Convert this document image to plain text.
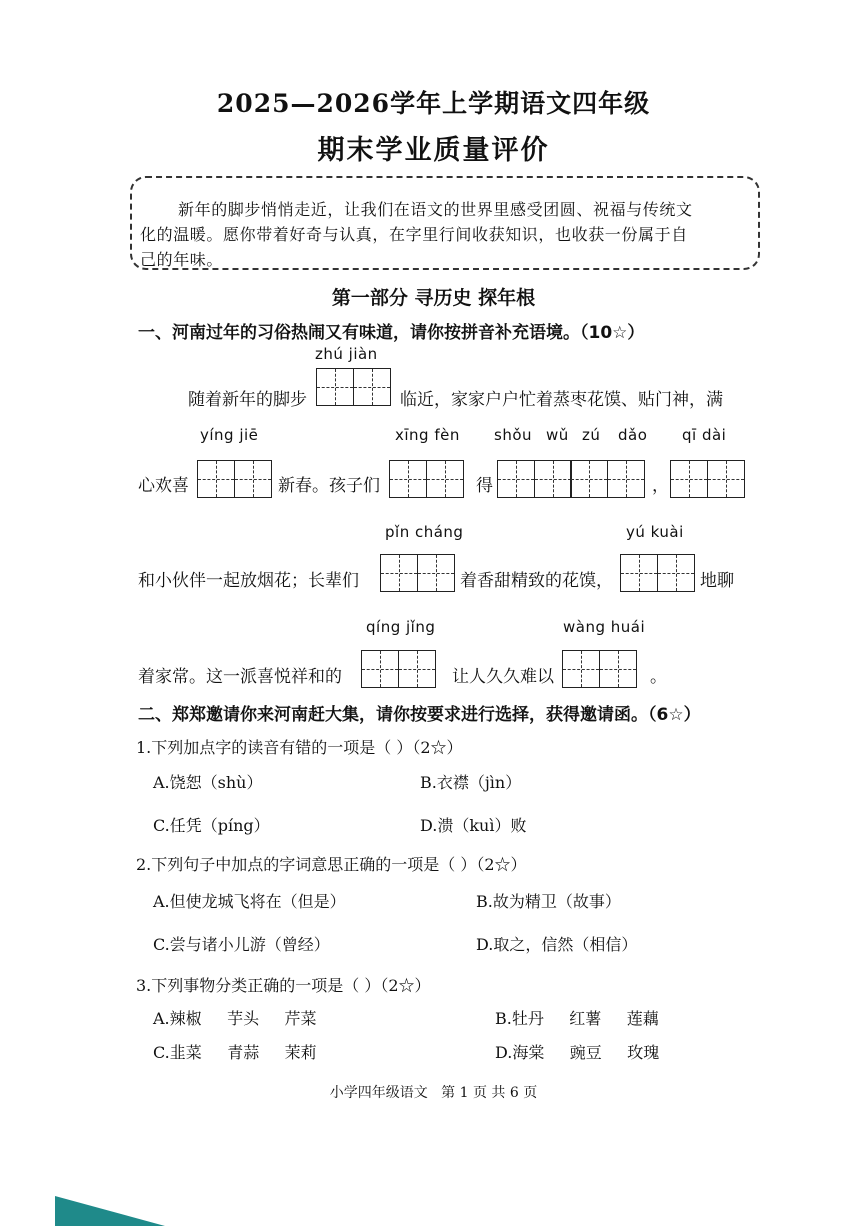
2025—2026学年上学期语文四年级
期末学业质量评价
新年的脚步悄悄走近，让我们在语文的世界里感受团圆、祝福与传统文
化的温暖。愿你带着好奇与认真，在字里行间收获知识，也收获一份属于自
己的年味。
第一部分 寻历史 探年根
一、河南过年的习俗热闹又有味道，请你按拼音补充语境。（10☆）
zhú jiàn
随着新年的脚步	临近，家家户户忙着蒸枣花馍、贴门神，满
yíng jiē	xīng fèn shǒu wǔ zú dǎo qī dài
心欢喜	新春。孩子们	得	，
pǐn cháng	yú kuài
和小伙伴一起放烟花；长辈们	着香甜精致的花馍，	地聊
qíng jǐng	wàng huái
着家常。这一派喜悦祥和的	让人久久难以	。
二、郑郑邀请你来河南赶大集，请你按要求进行选择，获得邀请函。（6☆）
1.下列加点字的读音有错的一项是（ ）（2☆）
A.饶恕（shù）	B.衣襟（jìn）
C.任凭（píng）	D.溃（kuì）败
2.下列句子中加点的字词意思正确的一项是（ ）（2☆）
A.但使龙城飞将在（但是）	B.故为精卫（故事）
C.尝与诸小儿游（曾经）	D.取之，信然（相信）
3.下列事物分类正确的一项是（ ）（2☆）
A.辣椒     芋头     芹菜	B.牡丹     红薯     莲藕
C.韭菜     青蒜     茉莉	D.海棠     豌豆     玫瑰
小学四年级语文   第 1 页 共 6 页
